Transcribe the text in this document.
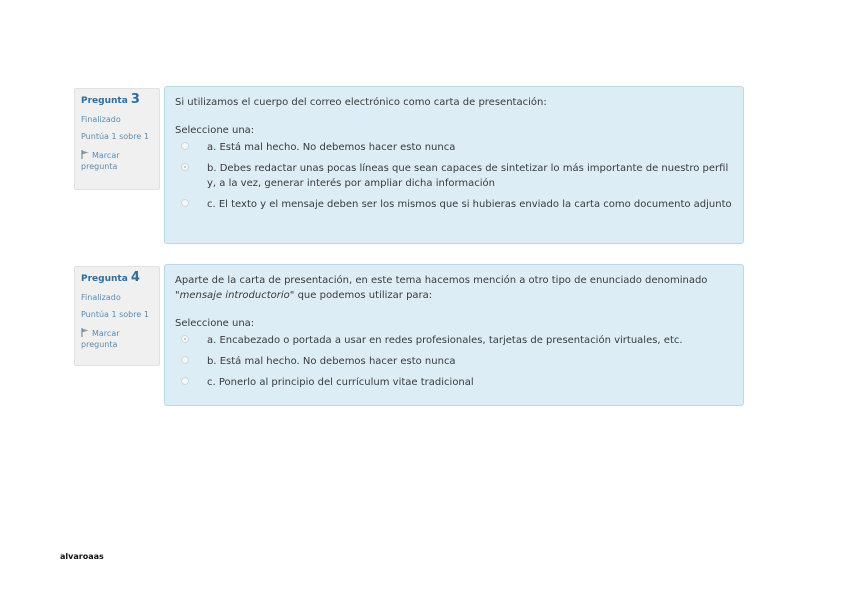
Pregunta 3
Finalizado
Puntúa 1 sobre 1
Marcar
pregunta
Si utilizamos el cuerpo del correo electrónico como carta de presentación:
Seleccione una:
a. Está mal hecho. No debemos hacer esto nunca
b. Debes redactar unas pocas líneas que sean capaces de sintetizar lo más importante de nuestro perfil y, a la vez, generar interés por ampliar dicha información
c. El texto y el mensaje deben ser los mismos que si hubieras enviado la carta como documento adjunto
Pregunta 4
Finalizado
Puntúa 1 sobre 1
Marcar
pregunta
Aparte de la carta de presentación, en este tema hacemos mención a otro tipo de enunciado denominado "mensaje introductorio" que podemos utilizar para:
Seleccione una:
a. Encabezado o portada a usar en redes profesionales, tarjetas de presentación virtuales, etc.
b. Está mal hecho. No debemos hacer esto nunca
c. Ponerlo al principio del currículum vitae tradicional
alvaroaas
